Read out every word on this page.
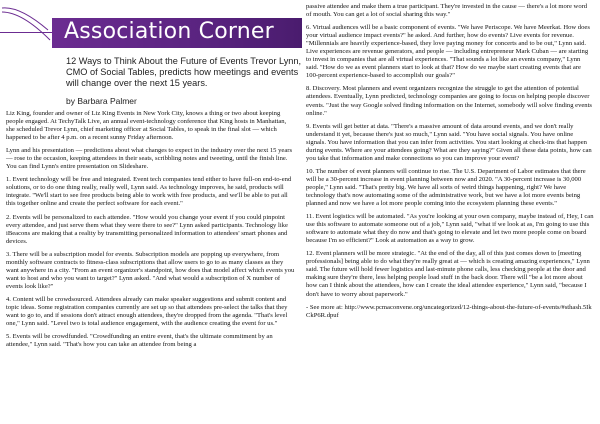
Association Corner
12 Ways to Think About the Future of Events Trevor Lynn, CMO of Social Tables, predicts how meetings and events will change over the next 15 years.
by Barbara Palmer

Liz King, founder and owner of Liz King Events in New York City, knows a thing or two about keeping people engaged. At TechyTalk Live, an annual event-technology conference that King hosts in Manhattan, she scheduled Trevor Lynn, chief marketing officer at Social Tables, to speak in the final slot — which happened to be after 4 p.m. on a recent sunny Friday afternoon.

Lynn and his presentation — predictions about what changes to expect in the industry over the next 15 years — rose to the occasion, keeping attendees in their seats, scribbling notes and tweeting, until the finish line. You can find Lynn's entire presentation on Slideshare.

1. Event technology will be free and integrated. Event tech companies tend either to have full-on end-to-end solutions, or to do one thing really, really well, Lynn said. As technology improves, he said, products will integrate. "We'll start to see free products being able to work with free products, and we'll be able to put all this together online and create the perfect software for each event."

2. Events will be personalized to each attendee. "How would you change your event if you could pinpoint every attendee, and just serve them what they were there to see?" Lynn asked participants. Technology like iBeacons are making that a reality by transmitting personalized information to attendees' smart phones and devices.

3. There will be a subscription model for events. Subscription models are popping up everywhere, from monthly software contracts to fitness-class subscriptions that allow users to go to as many classes as they want anywhere in a city. "From an event organizer's standpoint, how does that model affect which events you want to host and who you want to target?" Lynn asked. "And what would a subscription of X number of events look like?"

4. Content will be crowdsourced. Attendees already can make speaker suggestions and submit content and topic ideas. Some registration companies currently are set up so that attendees pre-select the talks that they want to go to, and if sessions don't attract enough attendees, they're dropped from the agenda. "That's level one," Lynn said. "Level two is total audience engagement, with the audience creating the event for us."

5. Events will be crowdfunded. "Crowdfunding an entire event, that's the ultimate commitment by an attendee," Lynn said. "That's how you can take an attendee from being a

passive attendee and make them a true participant. They're invested in the cause — there's a lot more word of mouth. You can get a lot of social sharing this way."

6. Virtual audiences will be a basic component of events. "We have Periscope. We have Meerkat. How does your virtual audience impact events?" he asked. And further, how do events? Live events for revenue. "Millennials are heavily experience-based, they love paying money for concerts and to be out," Lynn said. Live experiences are revenue generators, and people — including entrepreneur Mark Cuban — are starting to invest in companies that are all virtual experiences. "That sounds a lot like an events company," Lynn said. "How do we as event planners start to look at that? How do we maybe start creating events that are 100-percent experience-based to accomplish our goals?"

8. Discovery. Most planners and event organizers recognize the struggle to get the attention of potential attendees. Eventually, Lynn predicted, technology companies are going to focus on helping people discover events. "Just the way Google solved finding information on the Internet, somebody will solve finding events online."

9. Events will get better at data. "There's a massive amount of data around events, and we don't really understand it yet, because there's just so much," Lynn said. "You have social signals. You have online signals. You have information that you can infer from activities. You start looking at check-ins that happen during events. Where are your attendees going? What are they saying?" Given all these data points, how can you take that information and make connections so you can improve your event?

10. The number of event planners will continue to rise. The U.S. Department of Labor estimates that there will be a 30-percent increase in event planning between now and 2020. "A 30-percent increase is 30,000 people," Lynn said. "That's pretty big. We have all sorts of weird things happening, right? We have technology that's now automating some of the administrative work, but we have a lot more events being planned and now we have a lot more people coming into the ecosystem planning these events."

11. Event logistics will be automated. "As you're looking at your own company, maybe instead of, Hey, I can use this software to automate someone out of a job," Lynn said, "what if we look at as, I'm going to use this software to automate what they do now and that's going to elevate and let two more people come on board because I'm so efficient?" Look at automation as a way to grow.

12. Event planners will be more strategic. "At the end of the day, all of this just comes down to [meeting professionals] being able to do what they're really great at — which is creating amazing experiences," Lynn said. The future will hold fewer logistics and last-minute phone calls, less checking people at the door and making sure they're there, less helping people load stuff in the back door. There will "be a lot more about how can I think about the attendees, how can I create the ideal attendee experience," Lynn said, "because I don't have to worry about paperwork."

- See more at: http://www.pcmaconvene.org/uncategorized/12-things-about-the-future-of-events/#sthash.5IkCkP6R.dpuf
